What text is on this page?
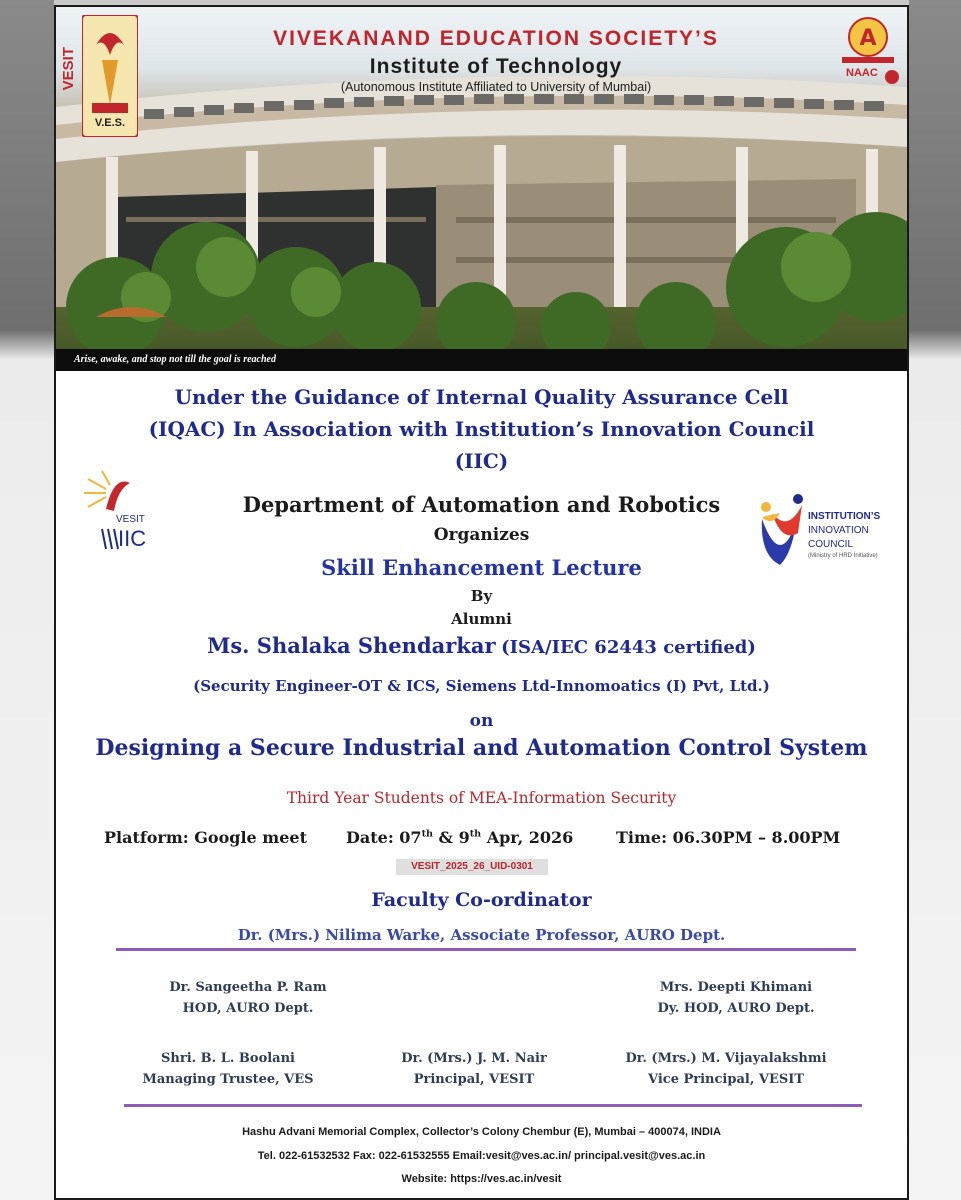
VESIT
V.E.S.
VIVEKANAND EDUCATION SOCIETY’S
Institute of Technology
(Autonomous Institute Affiliated to University of Mumbai)
A
NAAC
Arise, awake, and stop not till the goal is reached
Under the Guidance of Internal Quality Assurance Cell
(IQAC) In Association with Institution’s Innovation Council
(IIC)
VESIT
IIC
INSTITUTION’S
INNOVATION
COUNCIL
(Ministry of HRD Initiative)
Department of Automation and Robotics
Organizes
Skill Enhancement Lecture
By
Alumni
Ms. Shalaka Shendarkar (ISA/IEC 62443 certified)
(Security Engineer-OT & ICS, Siemens Ltd-Innomoatics (I) Pvt, Ltd.)
on
Designing a Secure Industrial and Automation Control System
Third Year Students of MEA-Information Security
Platform: Google meet Date: 07th & 9th Apr, 2026	Time: 06.30PM – 8.00PM
VESIT_2025_26_UID-0301
Faculty Co-ordinator
Dr. (Mrs.) Nilima Warke, Associate Professor, AURO Dept.
Dr. Sangeetha P. Ram
HOD, AURO Dept.
Mrs. Deepti Khimani
Dy. HOD, AURO Dept.
Shri. B. L. Boolani
Managing Trustee, VES
Dr. (Mrs.) J. M. Nair
Principal, VESIT
Dr. (Mrs.) M. Vijayalakshmi
Vice Principal, VESIT
Hashu Advani Memorial Complex, Collector’s Colony Chembur (E), Mumbai – 400074, INDIA
Tel. 022-61532532 Fax: 022-61532555 Email:vesit@ves.ac.in/ principal.vesit@ves.ac.in
Website: https://ves.ac.in/vesit
